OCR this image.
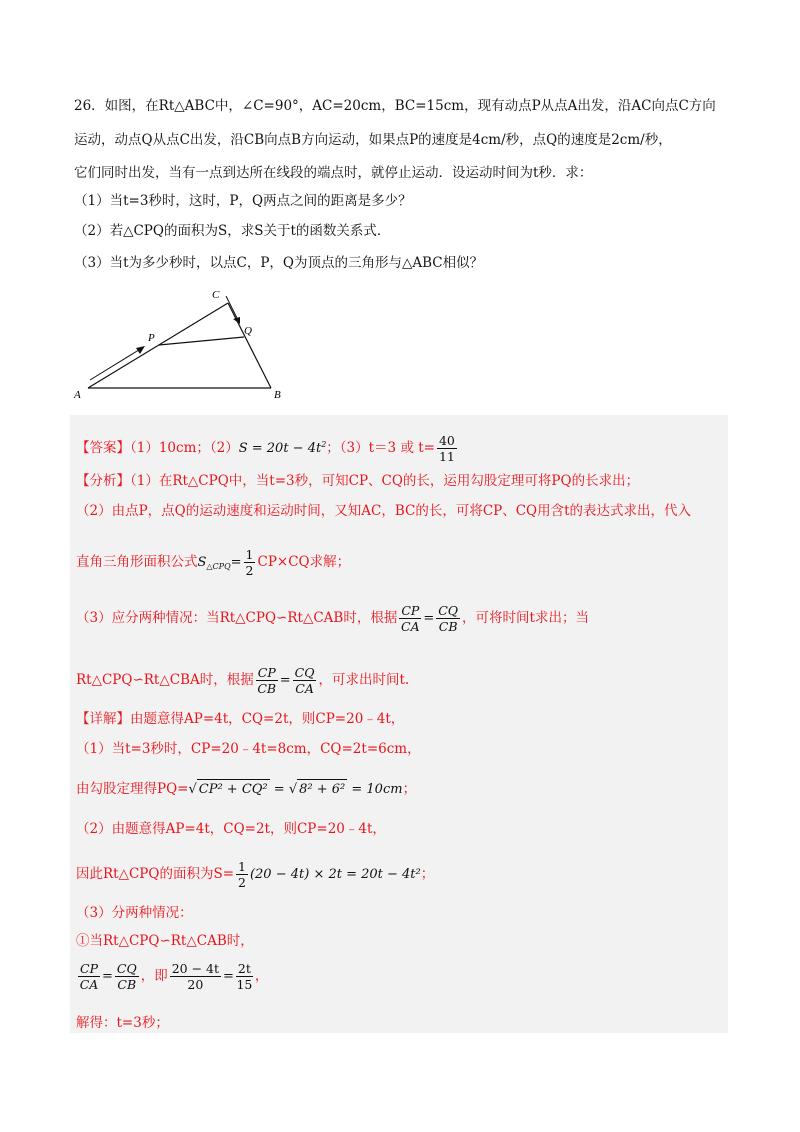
26．如图，在Rt△ABC中，∠C=90°，AC=20cm，BC=15cm，现有动点P从点A出发，沿AC向点C方向
运动，动点Q从点C出发，沿CB向点B方向运动，如果点P的速度是4cm/秒，点Q的速度是2cm/秒，
它们同时出发，当有一点到达所在线段的端点时，就停止运动．设运动时间为t秒．求：
（1）当t=3秒时，这时，P，Q两点之间的距离是多少？
（2）若△CPQ的面积为S，求S关于t的函数关系式．
（3）当t为多少秒时，以点C，P，Q为顶点的三角形与△ABC相似？
A	B
C
P
Q
【答案】（1）10cm；$(2)S = 20t - 4t^2$；（3）t＝3 或 $t= \frac{40}{11}$
【分析】（1）在Rt△CPQ中，当t=3秒，可知CP、CQ的长，运用勾股定理可将PQ的长求出；
（2）由点P，点Q的运动速度和运动时间，又知AC，BC的长，可将CP、CQ用含t的表达式求出，代入
直角三角形面积公式$S_{\triangle CPQ}= \frac{1}{2} CP\times CQ$求解；
（3）应分两种情况：当Rt△CPQ∽Rt△CAB时，根据 $\frac{CP}{CA} = \frac{CQ}{CB}$ ，可将时间t求出；当
Rt△CPQ∽Rt△CBA时，根据 $\frac{CP}{CB} = \frac{CQ}{CA}$ ，可求出时间t.
【详解】由题意得AP=4t，CQ=2t，则CP=20﹣4t，
（1）当t=3秒时，CP=20﹣4t=8cm，CQ=2t=6cm，
由勾股定理得PQ=√ CP² + CQ² = √ 8² + 6² = 10cm；
（2）由题意得AP=4t，CQ=2t，则CP=20﹣4t，
因此Rt△CPQ的面积为$S= \frac{1}{2} (20 - 4t) \times 2t = 20t - 4t^2$；
（3）分两种情况：
①当Rt△CPQ∽Rt△CAB时，
$\frac{CP}{CA} = \frac{CQ}{CB}$ ，即 $\frac{20 - 4t}{20} = \frac{2t}{15}$ ，
解得：t=3秒；
